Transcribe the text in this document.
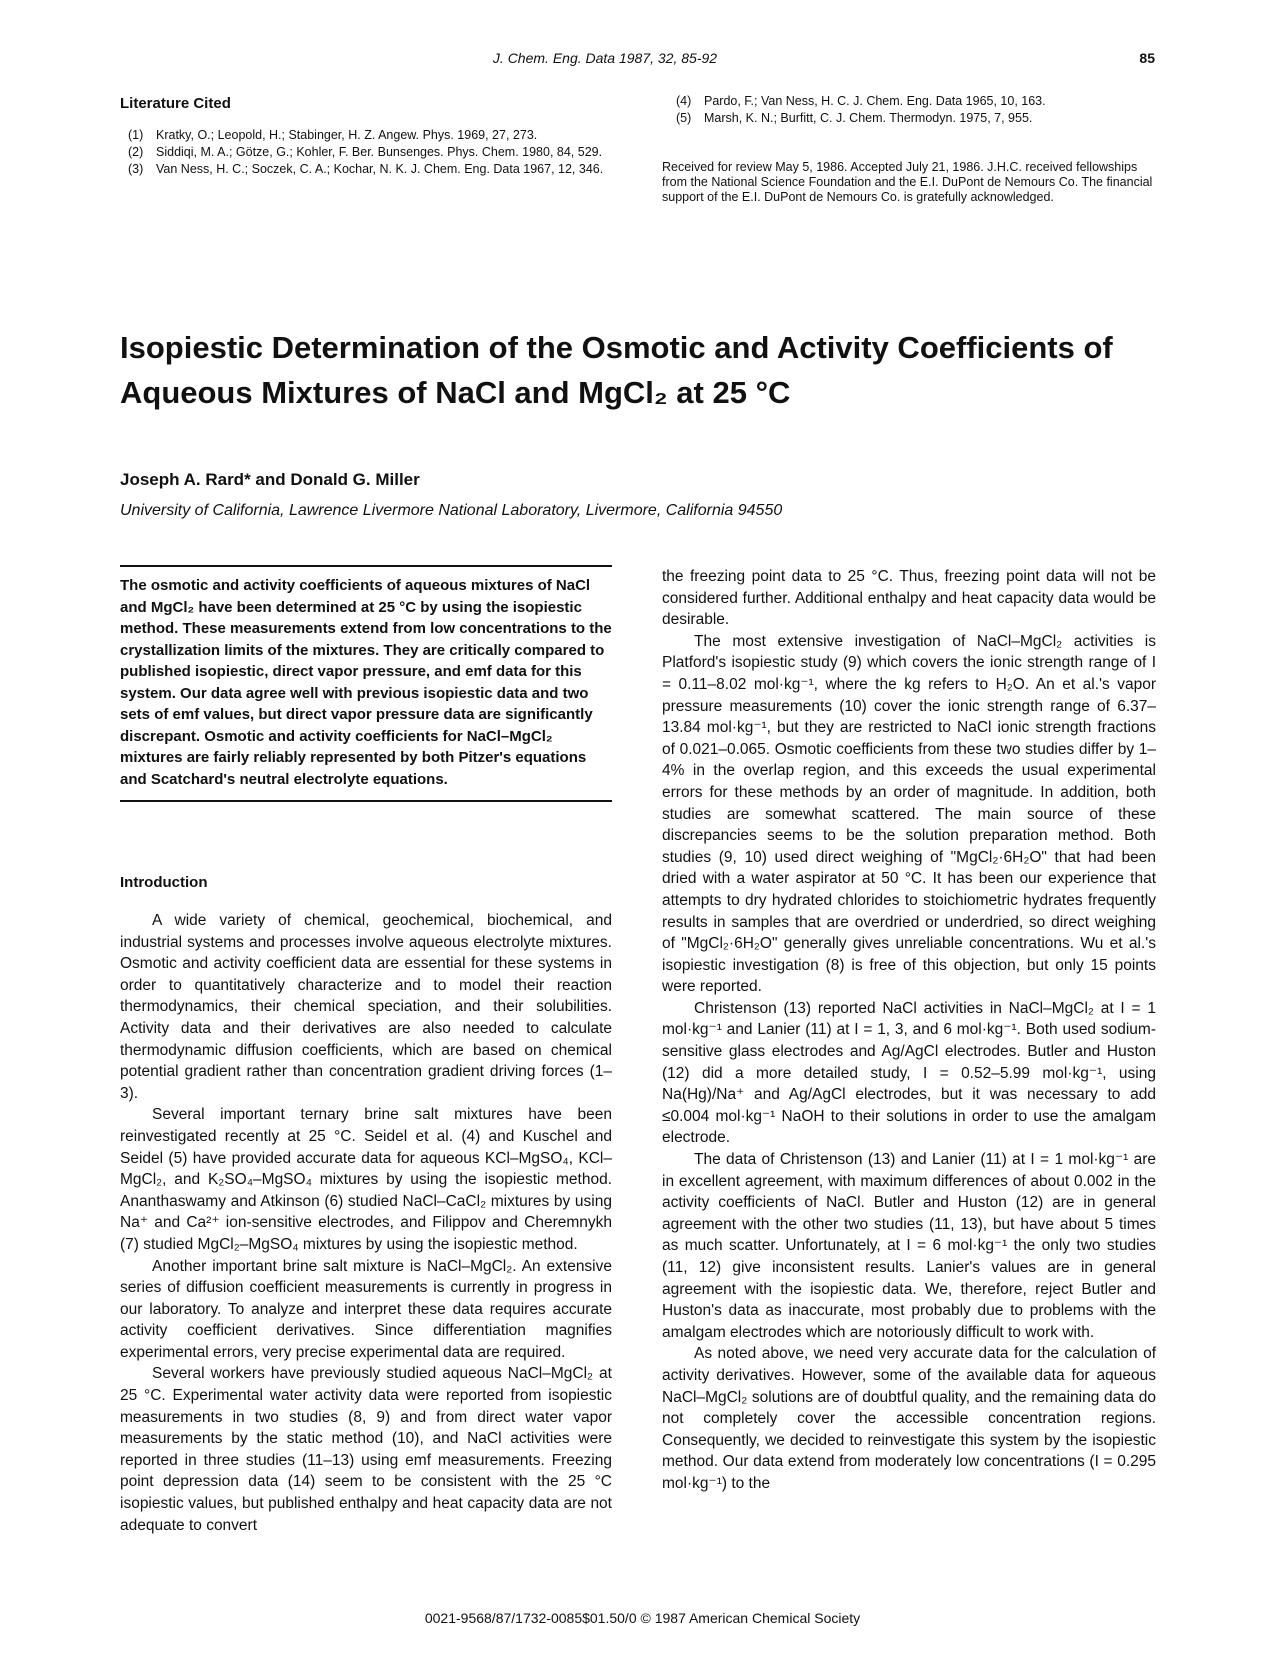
J. Chem. Eng. Data 1987, 32, 85-92	85
Literature Cited
(1)	Kratky, O.; Leopold, H.; Stabinger, H. Z. Angew. Phys. 1969, 27, 273.
(2)	Siddiqi, M. A.; Götze, G.; Kohler, F. Ber. Bunsenges. Phys. Chem. 1980, 84, 529.
(3)	Van Ness, H. C.; Soczek, C. A.; Kochar, N. K. J. Chem. Eng. Data 1967, 12, 346.
(4)	Pardo, F.; Van Ness, H. C. J. Chem. Eng. Data 1965, 10, 163.
(5)	Marsh, K. N.; Burfitt, C. J. Chem. Thermodyn. 1975, 7, 955.
Received for review May 5, 1986. Accepted July 21, 1986. J.H.C. received fellowships from the National Science Foundation and the E.I. DuPont de Nemours Co. The financial support of the E.I. DuPont de Nemours Co. is gratefully acknowledged.
Isopiestic Determination of the Osmotic and Activity Coefficients of Aqueous Mixtures of NaCl and MgCl₂ at 25 °C
Joseph A. Rard* and Donald G. Miller
University of California, Lawrence Livermore National Laboratory, Livermore, California 94550
The osmotic and activity coefficients of aqueous mixtures of NaCl and MgCl₂ have been determined at 25 °C by using the isopiestic method. These measurements extend from low concentrations to the crystallization limits of the mixtures. They are critically compared to published isopiestic, direct vapor pressure, and emf data for this system. Our data agree well with previous isopiestic data and two sets of emf values, but direct vapor pressure data are significantly discrepant. Osmotic and activity coefficients for NaCl–MgCl₂ mixtures are fairly reliably represented by both Pitzer's equations and Scatchard's neutral electrolyte equations.
Introduction

A wide variety of chemical, geochemical, biochemical, and industrial systems and processes involve aqueous electrolyte mixtures. Osmotic and activity coefficient data are essential for these systems in order to quantitatively characterize and to model their reaction thermodynamics, their chemical speciation, and their solubilities. Activity data and their derivatives are also needed to calculate thermodynamic diffusion coefficients, which are based on chemical potential gradient rather than concentration gradient driving forces (1–3).

Several important ternary brine salt mixtures have been reinvestigated recently at 25 °C. Seidel et al. (4) and Kuschel and Seidel (5) have provided accurate data for aqueous KCl–MgSO₄, KCl–MgCl₂, and K₂SO₄–MgSO₄ mixtures by using the isopiestic method. Ananthaswamy and Atkinson (6) studied NaCl–CaCl₂ mixtures by using Na⁺ and Ca²⁺ ion-sensitive electrodes, and Filippov and Cheremnykh (7) studied MgCl₂–MgSO₄ mixtures by using the isopiestic method.

Another important brine salt mixture is NaCl–MgCl₂. An extensive series of diffusion coefficient measurements is currently in progress in our laboratory. To analyze and interpret these data requires accurate activity coefficient derivatives. Since differentiation magnifies experimental errors, very precise experimental data are required.

Several workers have previously studied aqueous NaCl–MgCl₂ at 25 °C. Experimental water activity data were reported from isopiestic measurements in two studies (8, 9) and from direct water vapor measurements by the static method (10), and NaCl activities were reported in three studies (11–13) using emf measurements. Freezing point depression data (14) seem to be consistent with the 25 °C isopiestic values, but published enthalpy and heat capacity data are not adequate to convert

the freezing point data to 25 °C. Thus, freezing point data will not be considered further. Additional enthalpy and heat capacity data would be desirable.

The most extensive investigation of NaCl–MgCl₂ activities is Platford's isopiestic study (9) which covers the ionic strength range of I = 0.11–8.02 mol·kg⁻¹, where the kg refers to H₂O. An et al.'s vapor pressure measurements (10) cover the ionic strength range of 6.37–13.84 mol·kg⁻¹, but they are restricted to NaCl ionic strength fractions of 0.021–0.065. Osmotic coefficients from these two studies differ by 1–4% in the overlap region, and this exceeds the usual experimental errors for these methods by an order of magnitude. In addition, both studies are somewhat scattered. The main source of these discrepancies seems to be the solution preparation method. Both studies (9, 10) used direct weighing of "MgCl₂·6H₂O" that had been dried with a water aspirator at 50 °C. It has been our experience that attempts to dry hydrated chlorides to stoichiometric hydrates frequently results in samples that are overdried or underdried, so direct weighing of "MgCl₂·6H₂O" generally gives unreliable concentrations. Wu et al.'s isopiestic investigation (8) is free of this objection, but only 15 points were reported.

Christenson (13) reported NaCl activities in NaCl–MgCl₂ at I = 1 mol·kg⁻¹ and Lanier (11) at I = 1, 3, and 6 mol·kg⁻¹. Both used sodium-sensitive glass electrodes and Ag/AgCl electrodes. Butler and Huston (12) did a more detailed study, I = 0.52–5.99 mol·kg⁻¹, using Na(Hg)/Na⁺ and Ag/AgCl electrodes, but it was necessary to add ≤0.004 mol·kg⁻¹ NaOH to their solutions in order to use the amalgam electrode.

The data of Christenson (13) and Lanier (11) at I = 1 mol·kg⁻¹ are in excellent agreement, with maximum differences of about 0.002 in the activity coefficients of NaCl. Butler and Huston (12) are in general agreement with the other two studies (11, 13), but have about 5 times as much scatter. Unfortunately, at I = 6 mol·kg⁻¹ the only two studies (11, 12) give inconsistent results. Lanier's values are in general agreement with the isopiestic data. We, therefore, reject Butler and Huston's data as inaccurate, most probably due to problems with the amalgam electrodes which are notoriously difficult to work with.

As noted above, we need very accurate data for the calculation of activity derivatives. However, some of the available data for aqueous NaCl–MgCl₂ solutions are of doubtful quality, and the remaining data do not completely cover the accessible concentration regions. Consequently, we decided to reinvestigate this system by the isopiestic method. Our data extend from moderately low concentrations (I = 0.295 mol·kg⁻¹) to the

0021-9568/87/1732-0085$01.50/0 © 1987 American Chemical Society
